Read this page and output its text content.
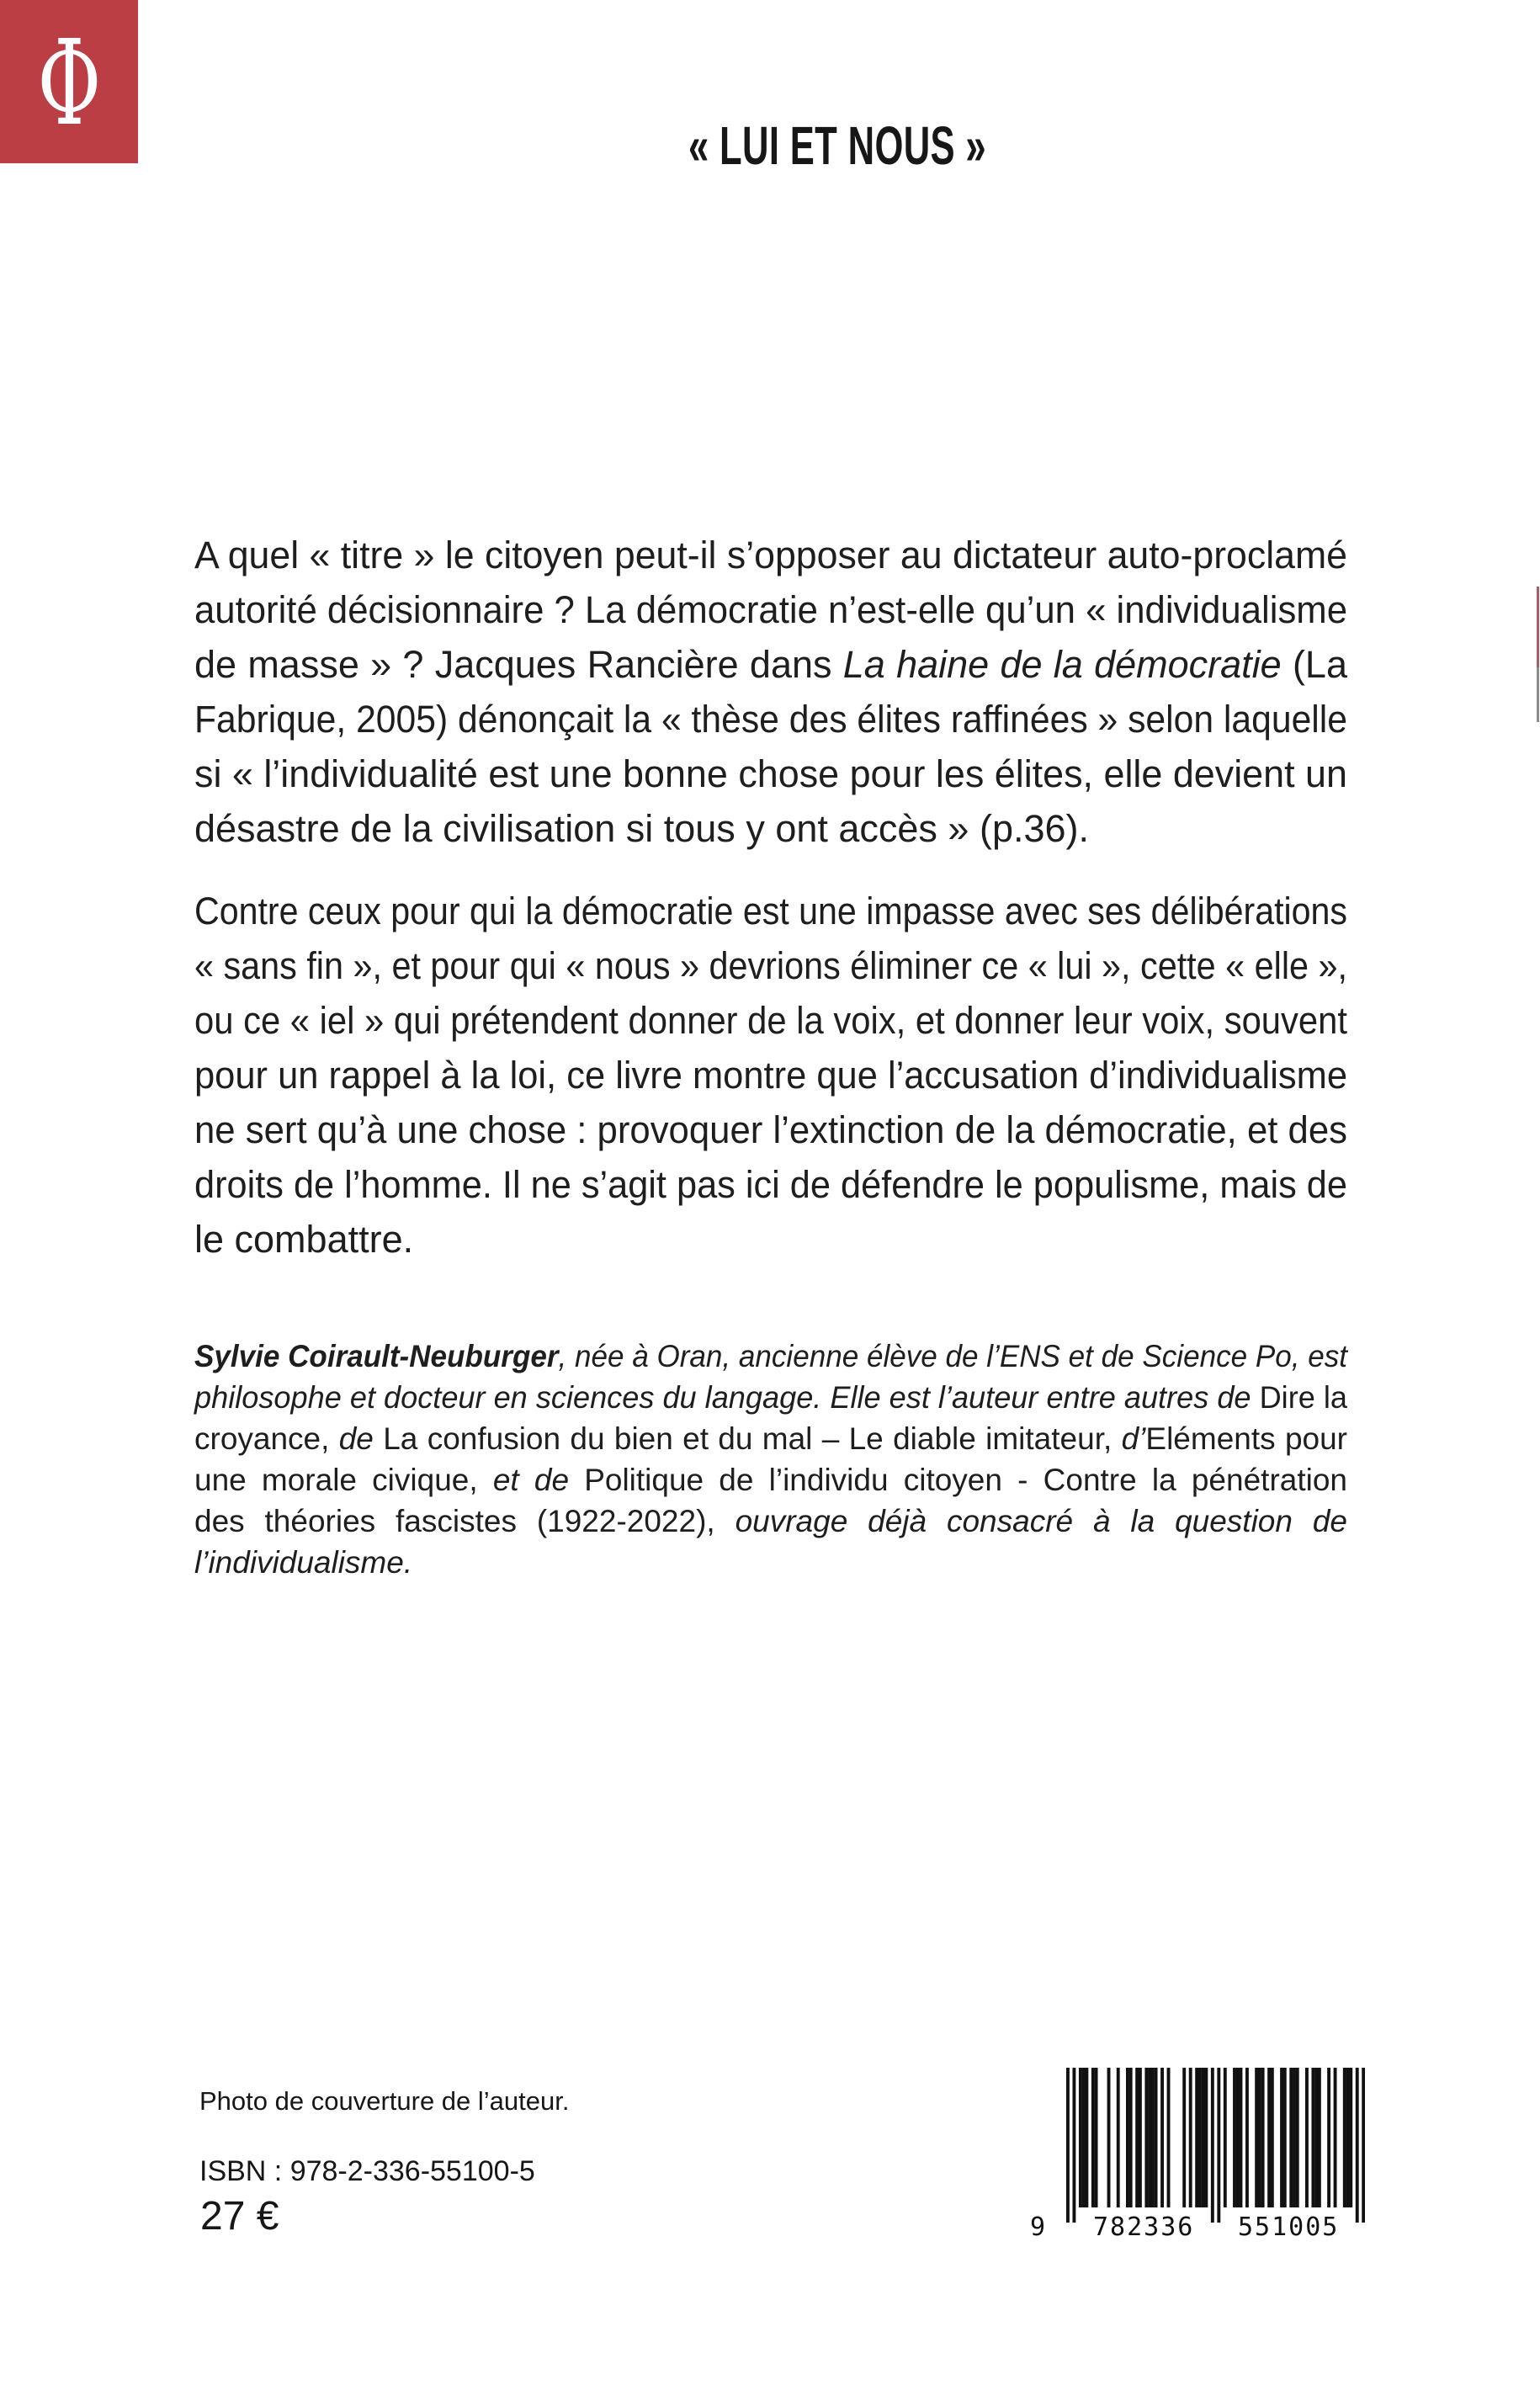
Φ	« LUI ET NOUS »
A quel « titre » le citoyen peut-il s’opposer au dictateur auto-proclamé
autorité décisionnaire ? La démocratie n’est-elle qu’un « individualisme
de masse » ? Jacques Rancière dans La haine de la démocratie (La
Fabrique, 2005) dénonçait la « thèse des élites raffinées » selon laquelle
si « l’individualité est une bonne chose pour les élites, elle devient un
désastre de la civilisation si tous y ont accès » (p.36).
Contre ceux pour qui la démocratie est une impasse avec ses délibérations
« sans fin », et pour qui « nous » devrions éliminer ce « lui », cette « elle »,
ou ce « iel » qui prétendent donner de la voix, et donner leur voix, souvent
pour un rappel à la loi, ce livre montre que l’accusation d’individualisme
ne sert qu’à une chose : provoquer l’extinction de la démocratie, et des
droits de l’homme. Il ne s’agit pas ici de défendre le populisme, mais de
le combattre.
Sylvie Coirault-Neuburger, née à Oran, ancienne élève de l’ENS et de Science Po, est
philosophe et docteur en sciences du langage. Elle est l’auteur entre autres de Dire la
croyance, de La confusion du bien et du mal – Le diable imitateur, d’Eléments pour
une morale civique, et de Politique de l’individu citoyen - Contre la pénétration
des théories fascistes (1922-2022), ouvrage déjà consacré à la question de
l’individualisme.
Photo de couverture de l’auteur.
ISBN : 978-2-336-55100-5
27 €	9 782336 551005
